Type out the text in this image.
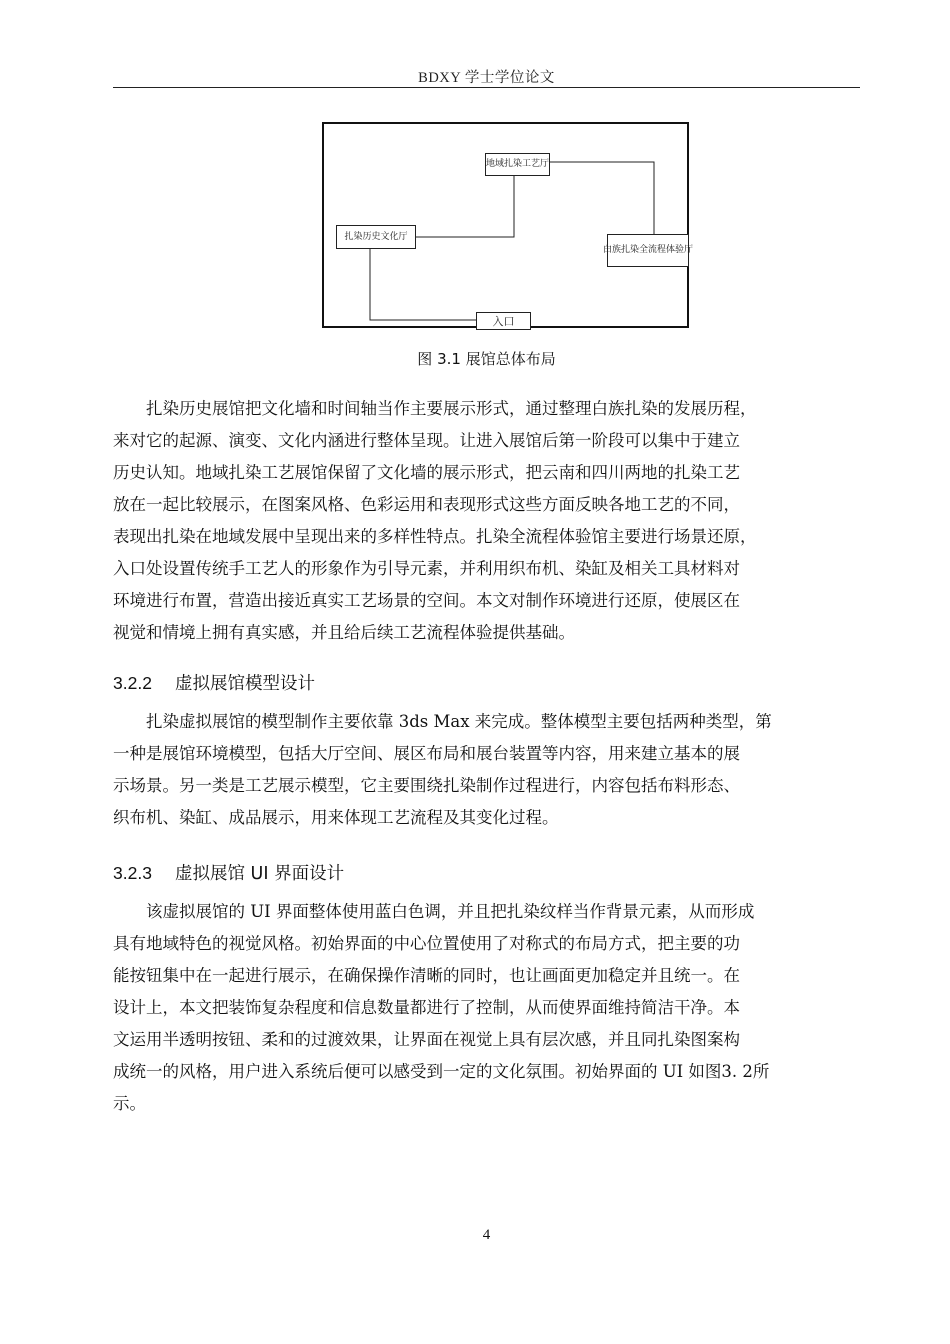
BDXY 学士学位论文
扎染历史文化厅
地域扎染工艺厅
白族扎染全流程体验厅
入口
图 3.1 展馆总体布局

扎染历史展馆把文化墙和时间轴当作主要展示形式，通过整理白族扎染的发展历程，
来对它的起源、演变、文化内涵进行整体呈现。让进入展馆后第一阶段可以集中于建立
历史认知。地域扎染工艺展馆保留了文化墙的展示形式，把云南和四川两地的扎染工艺
放在一起比较展示，在图案风格、色彩运用和表现形式这些方面反映各地工艺的不同，
表现出扎染在地域发展中呈现出来的多样性特点。扎染全流程体验馆主要进行场景还原，
入口处设置传统手工艺人的形象作为引导元素，并利用织布机、染缸及相关工具材料对
环境进行布置，营造出接近真实工艺场景的空间。本文对制作环境进行还原，使展区在
视觉和情境上拥有真实感，并且给后续工艺流程体验提供基础。

3.2.2 虚拟展馆模型设计

扎染虚拟展馆的模型制作主要依靠 3ds Max 来完成。整体模型主要包括两种类型，第
一种是展馆环境模型，包括大厅空间、展区布局和展台装置等内容，用来建立基本的展
示场景。另一类是工艺展示模型，它主要围绕扎染制作过程进行，内容包括布料形态、
织布机、染缸、成品展示，用来体现工艺流程及其变化过程。

3.2.3 虚拟展馆 UI 界面设计

该虚拟展馆的 UI 界面整体使用蓝白色调，并且把扎染纹样当作背景元素，从而形成
具有地域特色的视觉风格。初始界面的中心位置使用了对称式的布局方式，把主要的功
能按钮集中在一起进行展示，在确保操作清晰的同时，也让画面更加稳定并且统一。在
设计上，本文把装饰复杂程度和信息数量都进行了控制，从而使界面维持简洁干净。本
文运用半透明按钮、柔和的过渡效果，让界面在视觉上具有层次感，并且同扎染图案构
成统一的风格，用户进入系统后便可以感受到一定的文化氛围。初始界面的 UI 如图3. 2所
示。

4
